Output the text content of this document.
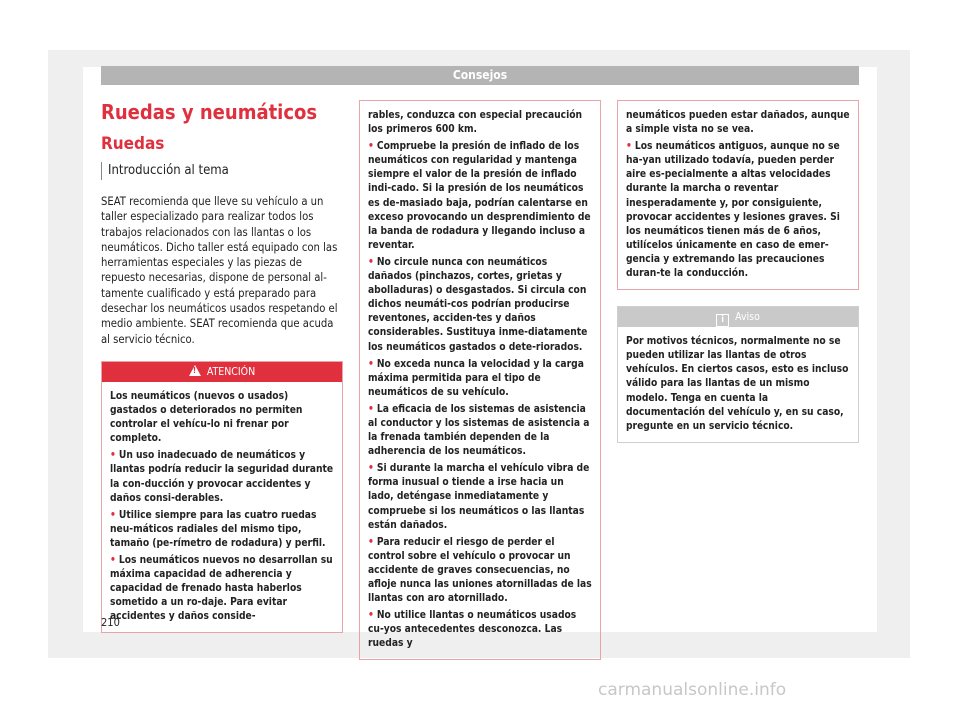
Consejos
Ruedas y neumáticos
Ruedas
Introducción al tema

SEAT recomienda que lleve su vehículo a un taller especializado para realizar todos los trabajos relacionados con las llantas o los neumáticos. Dicho taller está equipado con las herramientas especiales y las piezas de repuesto necesarias, dispone de personal al-tamente cualificado y está preparado para desechar los neumáticos usados respetando el medio ambiente. SEAT recomienda que acuda al servicio técnico.

!ATENCIÓN

Los neumáticos (nuevos o usados) gastados o deteriorados no permiten controlar el vehícu-lo ni frenar por completo.

• Un uso inadecuado de neumáticos y llantas podría reducir la seguridad durante la con-ducción y provocar accidentes y daños consi-derables.

• Utilice siempre para las cuatro ruedas neu-máticos radiales del mismo tipo, tamaño (pe-rímetro de rodadura) y perfil.

• Los neumáticos nuevos no desarrollan su máxima capacidad de adherencia y capacidad de frenado hasta haberlos sometido a un ro-daje. Para evitar accidentes y daños conside-

rables, conduzca con especial precaución los primeros 600 km.

• Compruebe la presión de inflado de los neumáticos con regularidad y mantenga siempre el valor de la presión de inflado indi-cado. Si la presión de los neumáticos es de-masiado baja, podrían calentarse en exceso provocando un desprendimiento de la banda de rodadura y llegando incluso a reventar.

• No circule nunca con neumáticos dañados (pinchazos, cortes, grietas y abolladuras) o desgastados. Si circula con dichos neumáti-cos podrían producirse reventones, acciden-tes y daños considerables. Sustituya inme-diatamente los neumáticos gastados o dete-riorados.

• No exceda nunca la velocidad y la carga máxima permitida para el tipo de neumáticos de su vehículo.

• La eficacia de los sistemas de asistencia al conductor y los sistemas de asistencia a la frenada también dependen de la adherencia de los neumáticos.

• Si durante la marcha el vehículo vibra de forma inusual o tiende a irse hacia un lado, deténgase inmediatamente y compruebe si los neumáticos o las llantas están dañados.

• Para reducir el riesgo de perder el control sobre el vehículo o provocar un accidente de graves consecuencias, no afloje nunca las uniones atornilladas de las llantas con aro atornillado.

• No utilice llantas o neumáticos usados cu-yos antecedentes desconozca. Las ruedas y

neumáticos pueden estar dañados, aunque a simple vista no se vea.

• Los neumáticos antiguos, aunque no se ha-yan utilizado todavía, pueden perder aire es-pecialmente a altas velocidades durante la marcha o reventar inesperadamente y, por consiguiente, provocar accidentes y lesiones graves. Si los neumáticos tienen más de 6 años, utilícelos únicamente en caso de emer-gencia y extremando las precauciones duran-te la conducción.

i Aviso

Por motivos técnicos, normalmente no se pueden utilizar las llantas de otros vehículos. En ciertos casos, esto es incluso válido para las llantas de un mismo modelo. Tenga en cuenta la documentación del vehículo y, en su caso, pregunte en un servicio técnico.

210
carmanualsonline.info
